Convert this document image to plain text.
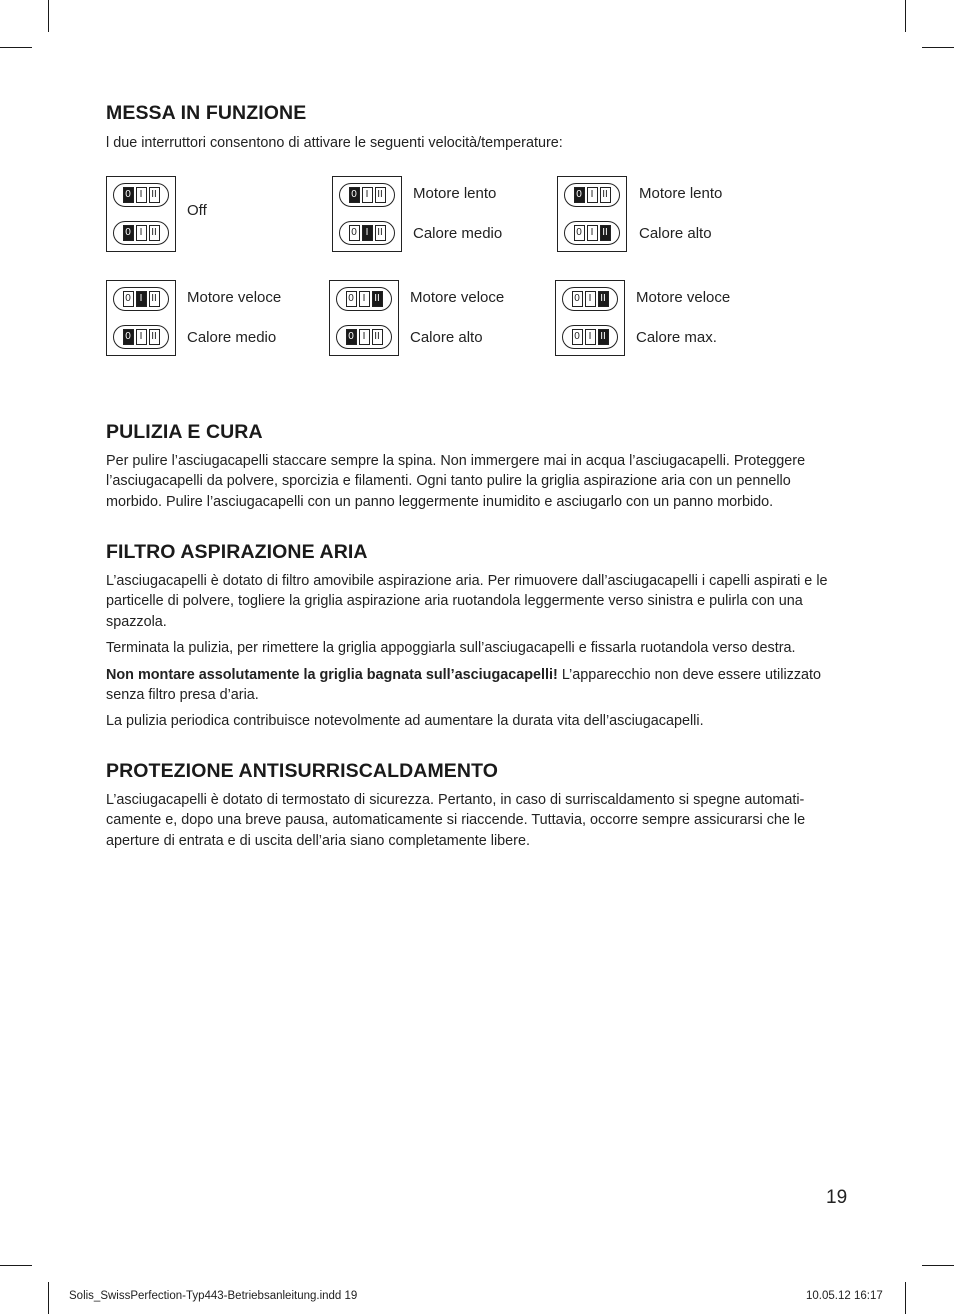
MESSA IN FUNZIONE

l due interruttori consentono di attivare le seguenti velocità/temperature:

0 I II
0 I II
Off
0 I II
0 I II
Motore lento
Calore medio
0 I II
0 I II
Motore lento
Calore alto
0 I II
0 I II
Motore veloce
Calore medio
0 I II
0 I II
Motore veloce
Calore alto
0 I II
0 I II
Motore veloce
Calore max.
PULIZIA E CURA

Per pulire l’asciugacapelli staccare sempre la spina. Non immergere mai in acqua l’asciugacapelli. Proteggere l’asciugacapelli da polvere, sporcizia e filamenti. Ogni tanto pulire la griglia aspirazione aria con un pennello morbido. Pulire l’asciugacapelli con un panno leggermente inumidito e asciugarlo con un panno morbido.

FILTRO ASPIRAZIONE ARIA

L’asciugacapelli è dotato di filtro amovibile aspirazione aria. Per rimuovere dall’asciugacapelli i capelli aspirati e le particelle di polvere, togliere la griglia aspirazione aria ruotandola leggermente verso sinistra e pulirla con una spazzola.

Terminata la pulizia, per rimettere la griglia appoggiarla sull’asciugacapelli e fissarla ruotandola verso destra.

Non montare assolutamente la griglia bagnata sull’asciugacapelli! L’apparecchio non deve essere utilizzato senza filtro presa d’aria.

La pulizia periodica contribuisce notevolmente ad aumentare la durata vita dell’asciugacapelli.

PROTEZIONE ANTISURRISCALDAMENTO

L’asciugacapelli è dotato di termostato di sicurezza. Pertanto, in caso di surriscaldamento si spegne automati-camente e, dopo una breve pausa, automaticamente si riaccende. Tuttavia, occorre sempre assicurarsi che le aperture di entrata e di uscita dell’aria siano completamente libere.

19
Solis_SwissPerfection-Typ443-Betriebsanleitung.indd 19	10.05.12 16:17
